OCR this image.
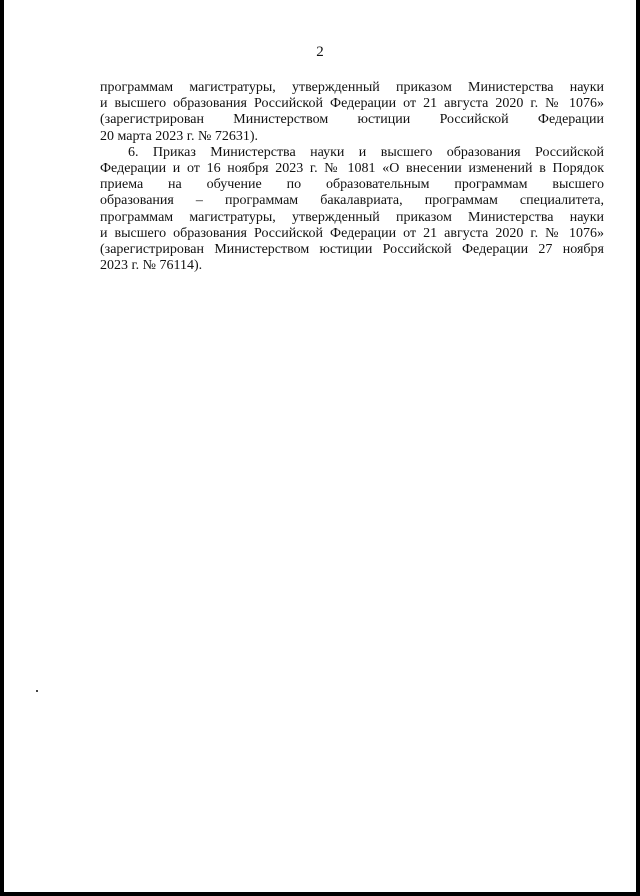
2
программам магистратуры, утвержденный приказом Министерства науки
и высшего образования Российской Федерации от 21 августа 2020 г. № 1076»
(зарегистрирован Министерством юстиции Российской Федерации
20 марта 2023 г. № 72631).
6. Приказ Министерства науки и высшего образования Российской
Федерации и от 16 ноября 2023 г. № 1081 «О внесении изменений в Порядок
приема на обучение по образовательным программам высшего
образования – программам бакалавриата, программам специалитета,
программам магистратуры, утвержденный приказом Министерства науки
и высшего образования Российской Федерации от 21 августа 2020 г. № 1076»
(зарегистрирован Министерством юстиции Российской Федерации 27 ноября
2023 г. № 76114).
